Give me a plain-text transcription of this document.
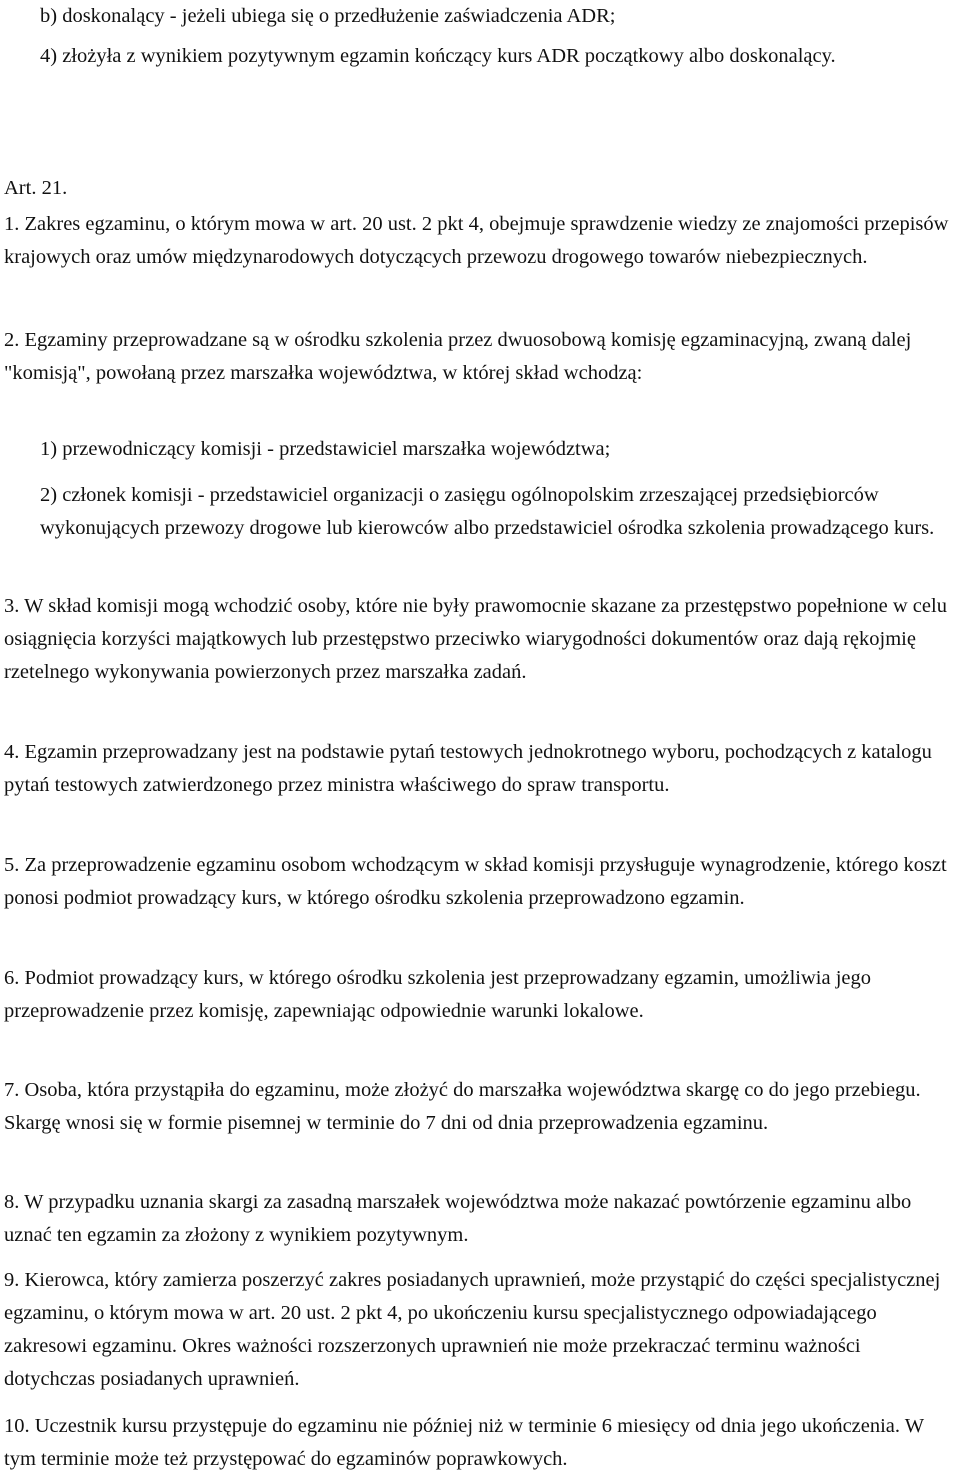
b) doskonalący - jeżeli ubiega się o przedłużenie zaświadczenia ADR;

4) złożyła z wynikiem pozytywnym egzamin kończący kurs ADR początkowy albo doskonalący.

Art. 21.

1. Zakres egzaminu, o którym mowa w art. 20 ust. 2 pkt 4, obejmuje sprawdzenie wiedzy ze znajomości przepisów krajowych oraz umów międzynarodowych dotyczących przewozu drogowego towarów niebezpiecznych.

2. Egzaminy przeprowadzane są w ośrodku szkolenia przez dwuosobową komisję egzaminacyjną, zwaną dalej "komisją", powołaną przez marszałka województwa, w której skład wchodzą:

1) przewodniczący komisji - przedstawiciel marszałka województwa;

2) członek komisji - przedstawiciel organizacji o zasięgu ogólnopolskim zrzeszającej przedsiębiorców wykonujących przewozy drogowe lub kierowców albo przedstawiciel ośrodka szkolenia prowadzącego kurs.

3. W skład komisji mogą wchodzić osoby, które nie były prawomocnie skazane za przestępstwo popełnione w celu osiągnięcia korzyści majątkowych lub przestępstwo przeciwko wiarygodności dokumentów oraz dają rękojmię rzetelnego wykonywania powierzonych przez marszałka zadań.

4. Egzamin przeprowadzany jest na podstawie pytań testowych jednokrotnego wyboru, pochodzących z katalogu pytań testowych zatwierdzonego przez ministra właściwego do spraw transportu.

5. Za przeprowadzenie egzaminu osobom wchodzącym w skład komisji przysługuje wynagrodzenie, którego koszt ponosi podmiot prowadzący kurs, w którego ośrodku szkolenia przeprowadzono egzamin.

6. Podmiot prowadzący kurs, w którego ośrodku szkolenia jest przeprowadzany egzamin, umożliwia jego przeprowadzenie przez komisję, zapewniając odpowiednie warunki lokalowe.

7. Osoba, która przystąpiła do egzaminu, może złożyć do marszałka województwa skargę co do jego przebiegu. Skargę wnosi się w formie pisemnej w terminie do 7 dni od dnia przeprowadzenia egzaminu.

8. W przypadku uznania skargi za zasadną marszałek województwa może nakazać powtórzenie egzaminu albo uznać ten egzamin za złożony z wynikiem pozytywnym.

9. Kierowca, który zamierza poszerzyć zakres posiadanych uprawnień, może przystąpić do części specjalistycznej egzaminu, o którym mowa w art. 20 ust. 2 pkt 4, po ukończeniu kursu specjalistycznego odpowiadającego zakresowi egzaminu. Okres ważności rozszerzonych uprawnień nie może przekraczać terminu ważności dotychczas posiadanych uprawnień.

10. Uczestnik kursu przystępuje do egzaminu nie później niż w terminie 6 miesięcy od dnia jego ukończenia. W tym terminie może też przystępować do egzaminów poprawkowych.
